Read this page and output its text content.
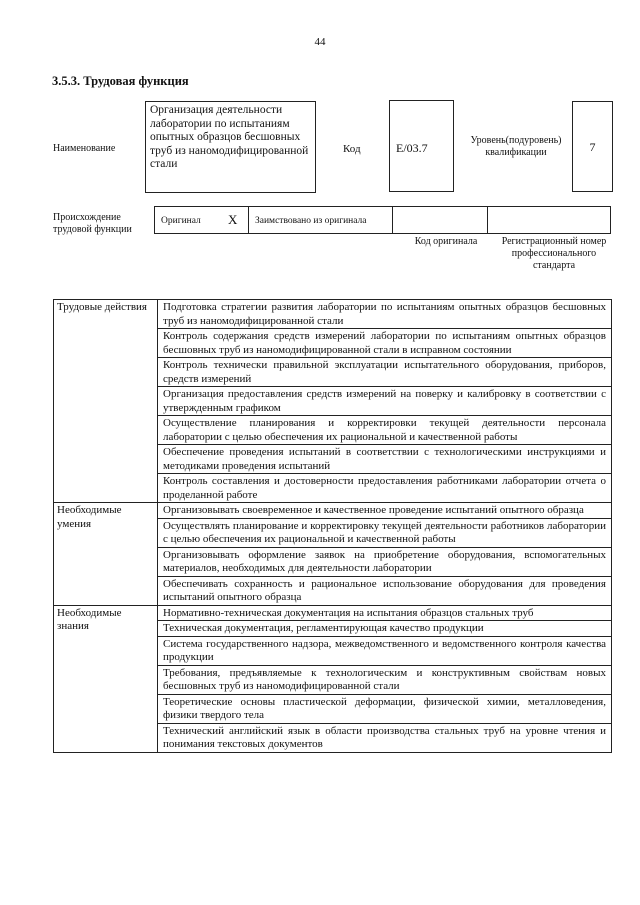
44
3.5.3. Трудовая функция
Наименование
Организация деятельности лаборатории по испытаниям опытных образцов бесшовных труб из наномодифицированной стали
Код	E/03.7
Уровень(подуровень) квалификации	7
Происхождение трудовой функции
Оригинал	X	Заимствовано из оригинала
Код оригинала	Регистрационный номер профессионального стандарта
Трудовые действия	Подготовка стратегии развития лаборатории по испытаниям опытных образцов бесшовных труб из наномодифицированной стали
	Контроль содержания средств измерений лаборатории по испытаниям опытных образцов бесшовных труб из наномодифицированной стали в исправном состоянии
	Контроль технически правильной эксплуатации испытательного оборудования, приборов, средств измерений
	Организация предоставления средств измерений на поверку и калибровку в соответствии с утвержденным графиком
	Осуществление планирования и корректировки текущей деятельности персонала лаборатории с целью обеспечения их рациональной и качественной работы
	Обеспечение проведения испытаний в соответствии с технологическими инструкциями и методиками проведения испытаний
	Контроль составления и достоверности предоставления работниками лаборатории отчета о проделанной работе
Необходимые умения	Организовывать своевременное и качественное проведение испытаний опытного образца
	Осуществлять планирование и корректировку текущей деятельности работников лаборатории с целью обеспечения их рациональной и качественной работы
	Организовывать оформление заявок на приобретение оборудования, вспомогательных материалов, необходимых для деятельности лаборатории
	Обеспечивать сохранность и рациональное использование оборудования для проведения испытаний опытного образца
Необходимые знания	Нормативно-техническая документация на испытания образцов стальных труб
	Техническая документация, регламентирующая качество продукции
	Система государственного надзора, межведомственного и ведомственного контроля качества продукции
	Требования, предъявляемые к технологическим и конструктивным свойствам новых бесшовных труб из наномодифицированной стали
	Теоретические основы пластической деформации, физической химии, металловедения, физики твердого тела
	Технический английский язык в области производства стальных труб на уровне чтения и понимания текстовых документов
